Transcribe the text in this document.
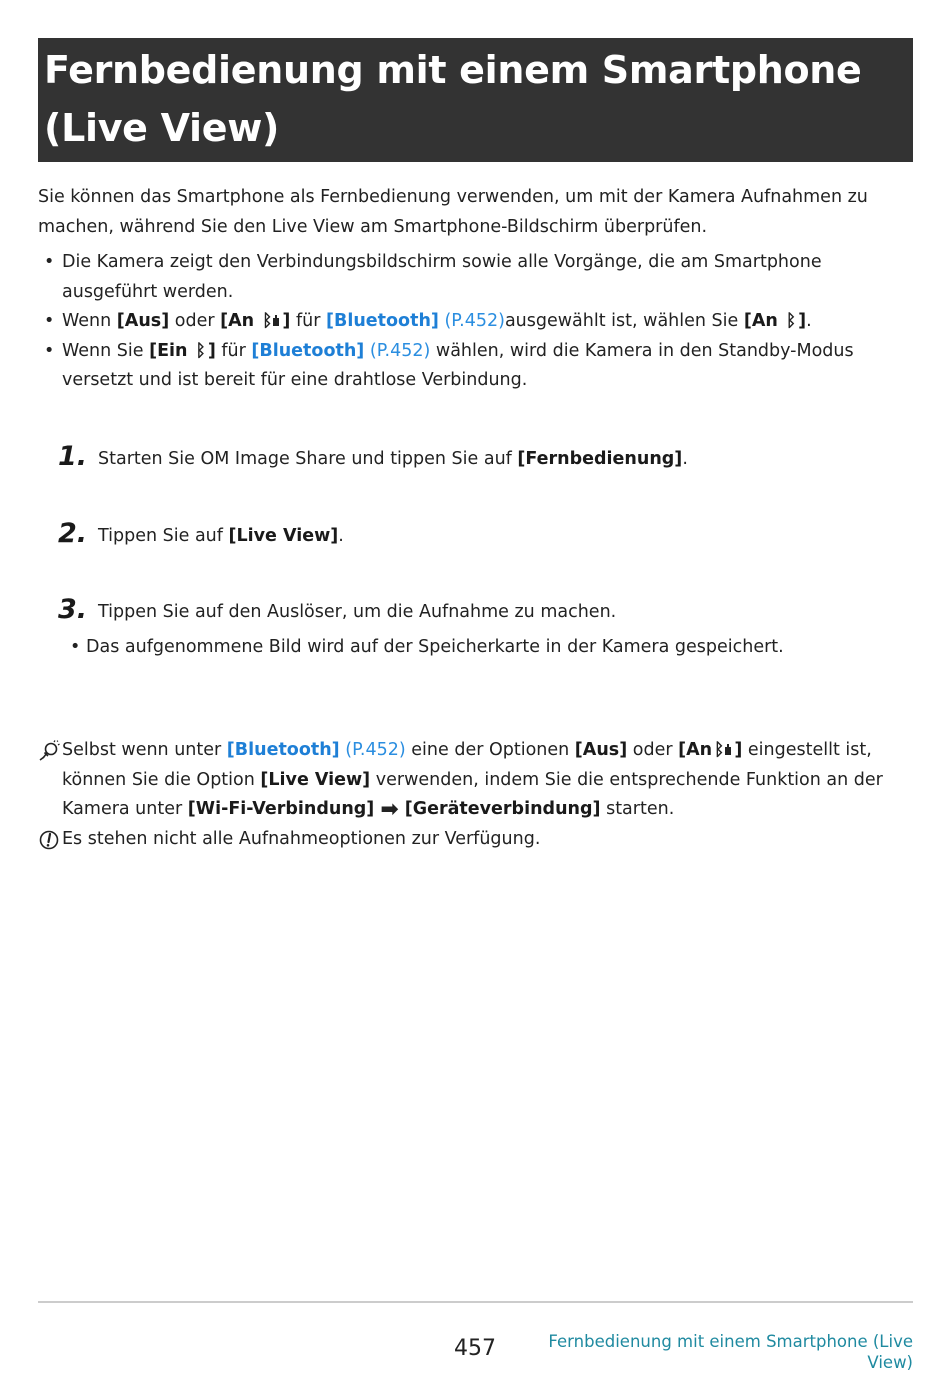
Fernbedienung mit einem Smartphone (Live View)
Sie können das Smartphone als Fernbedienung verwenden, um mit der Kamera Aufnahmen zu machen, während Sie den Live View am Smartphone-Bildschirm überprüfen.
• Die Kamera zeigt den Verbindungsbildschirm sowie alle Vorgänge, die am Smartphone ausgeführt werden.
• Wenn [Aus] oder [An ᛒ ] für [Bluetooth] (P.452)ausgewählt ist, wählen Sie [An ᛒ ].
• Wenn Sie [Ein ᛒ ] für [Bluetooth] (P.452) wählen, wird die Kamera in den Standby-Modus versetzt und ist bereit für eine drahtlose Verbindung.
1. Starten Sie OM Image Share und tippen Sie auf [Fernbedienung].
2. Tippen Sie auf [Live View].
3. Tippen Sie auf den Auslöser, um die Aufnahme zu machen.
• Das aufgenommene Bild wird auf der Speicherkarte in der Kamera gespeichert.
Selbst wenn unter [Bluetooth] (P.452) eine der Optionen [Aus] oder [An ᛒ ] eingestellt ist, können Sie die Option [Live View] verwenden, indem Sie die entsprechende Funktion an der Kamera unter [Wi-Fi-Verbindung] ➡ [Geräteverbindung] starten.
Es stehen nicht alle Aufnahmeoptionen zur Verfügung.
457	Fernbedienung mit einem Smartphone (Live View)
